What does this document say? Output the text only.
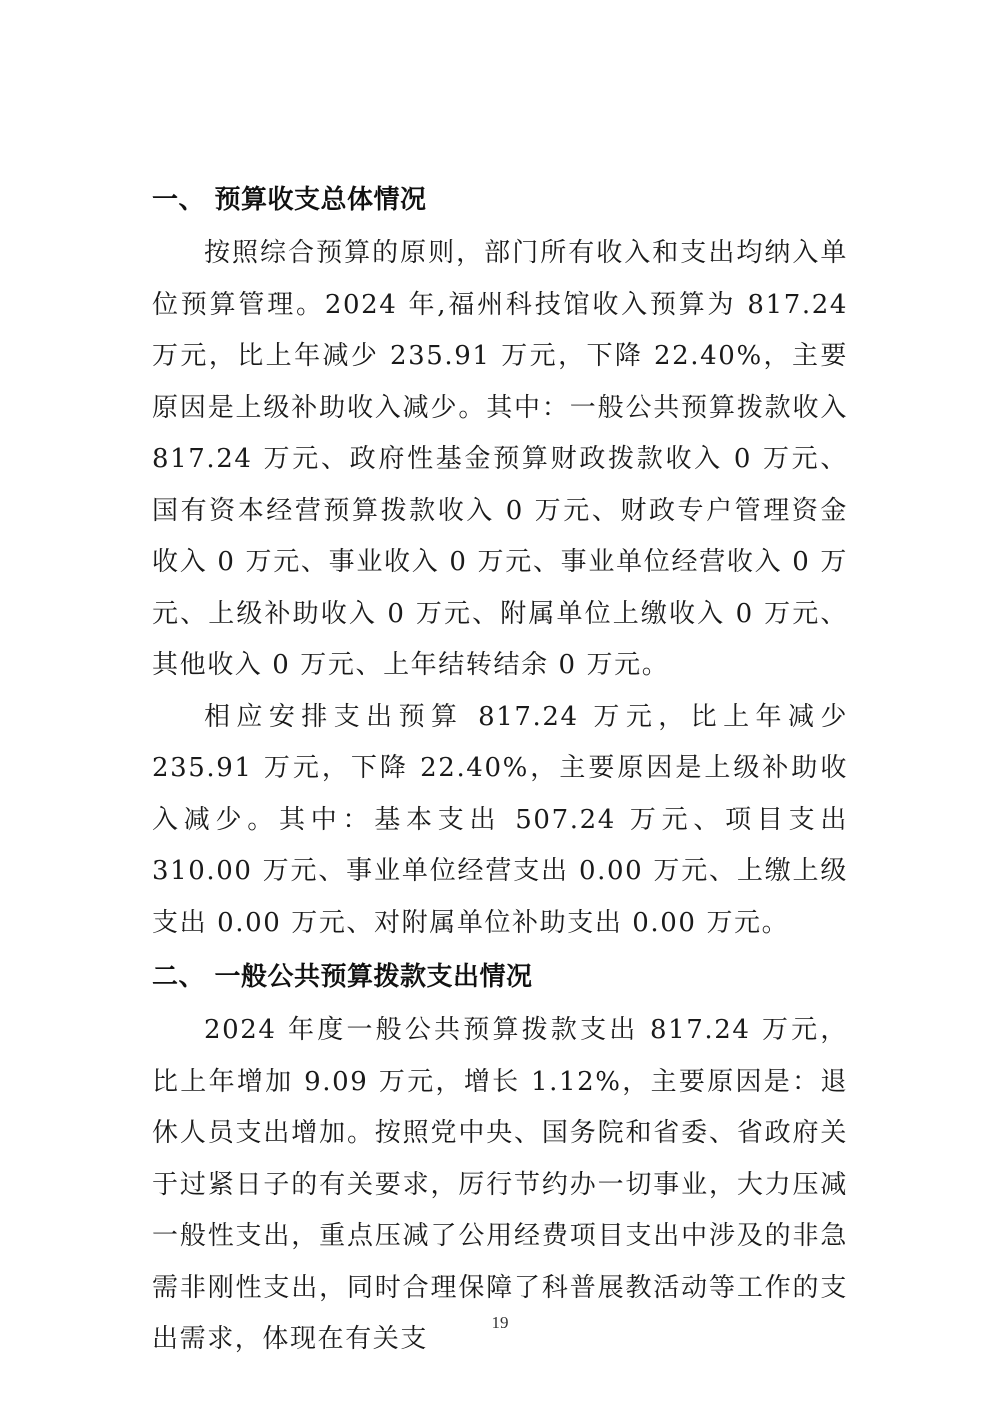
一、 预算收支总体情况

按照综合预算的原则，部门所有收入和支出均纳入单位预算管理。2024 年,福州科技馆收入预算为 817.24 万元，比上年减少 235.91 万元，下降 22.40%，主要原因是上级补助收入减少。其中：一般公共预算拨款收入 817.24 万元、政府性基金预算财政拨款收入 0 万元、国有资本经营预算拨款收入 0 万元、财政专户管理资金收入 0 万元、事业收入 0 万元、事业单位经营收入 0 万元、上级补助收入 0 万元、附属单位上缴收入 0 万元、其他收入 0 万元、上年结转结余 0 万元。

相应安排支出预算 817.24 万元，比上年减少 235.91 万元，下降 22.40%，主要原因是上级补助收入减少。其中：基本支出 507.24 万元、项目支出 310.00 万元、事业单位经营支出 0.00 万元、上缴上级支出 0.00 万元、对附属单位补助支出 0.00 万元。

二、 一般公共预算拨款支出情况

2024 年度一般公共预算拨款支出 817.24 万元，比上年增加 9.09 万元，增长 1.12%，主要原因是：退休人员支出增加。按照党中央、国务院和省委、省政府关于过紧日子的有关要求，厉行节约办一切事业，大力压减一般性支出，重点压减了公用经费项目支出中涉及的非急需非刚性支出，同时合理保障了科普展教活动等工作的支出需求，体现在有关支

19
